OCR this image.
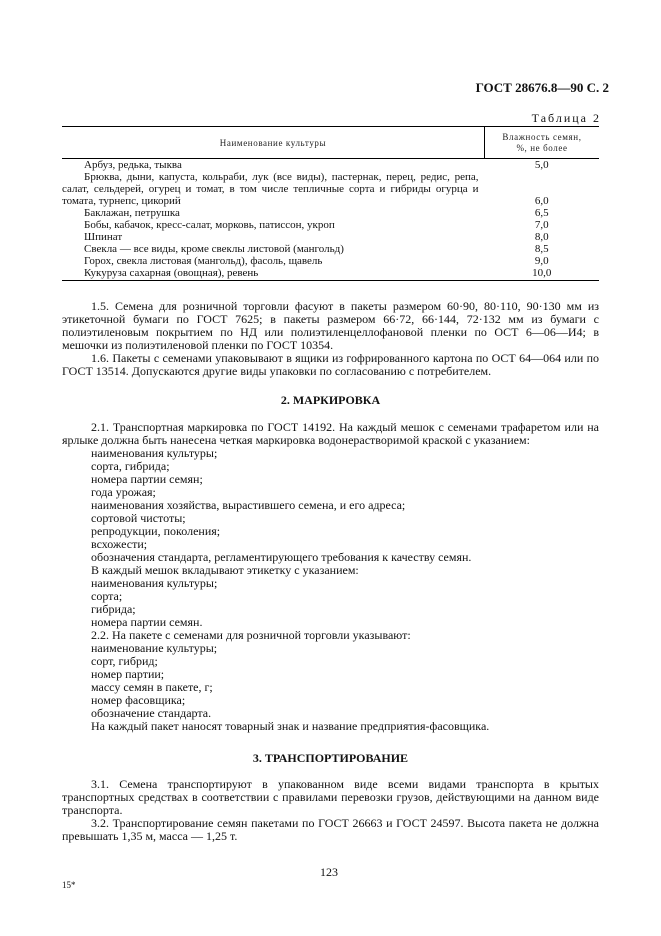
ГОСТ 28676.8—90 С. 2
Таблица 2
Наименование культуры	Влажность семян,
%, не более
Арбуз, редька, тыква	5,0
Брюква, дыни, капуста, кольраби, лук (все виды), пастернак, перец, редис, репа, салат, сельдерей, огурец и томат, в том числе тепличные сорта и гибриды огурца и томата, турнепс, цикорий	6,0
Баклажан, петрушка	6,5
Бобы, кабачок, кресс-салат, морковь, патиссон, укроп	7,0
Шпинат	8,0
Свекла — все виды, кроме свеклы листовой (мангольд)	8,5
Горох, свекла листовая (мангольд), фасоль, щавель	9,0
Кукуруза сахарная (овощная), ревень	10,0

1.5. Семена для розничной торговли фасуют в пакеты размером 60·90, 80·110, 90·130 мм из этикеточной бумаги по ГОСТ 7625; в пакеты размером 66·72, 66·144, 72·132 мм из бумаги с полиэтиленовым покрытием по НД или полиэтиленцеллофановой пленки по ОСТ 6—06—И4; в мешочки из полиэтиленовой пленки по ГОСТ 10354.

1.6. Пакеты с семенами упаковывают в ящики из гофрированного картона по ОСТ 64—064 или по ГОСТ 13514. Допускаются другие виды упаковки по согласованию с потребителем.

2. МАРКИРОВКА

2.1. Транспортная маркировка по ГОСТ 14192. На каждый мешок с семенами трафаретом или на ярлыке должна быть нанесена четкая маркировка водонерастворимой краской с указанием:

наименования культуры;

сорта, гибрида;

номера партии семян;

года урожая;

наименования хозяйства, вырастившего семена, и его адреса;

сортовой чистоты;

репродукции, поколения;

всхожести;

обозначения стандарта, регламентирующего требования к качеству семян.

В каждый мешок вкладывают этикетку с указанием:

наименования культуры;

сорта;

гибрида;

номера партии семян.

2.2. На пакете с семенами для розничной торговли указывают:

наименование культуры;

сорт, гибрид;

номер партии;

массу семян в пакете, г;

номер фасовщика;

обозначение стандарта.

На каждый пакет наносят товарный знак и название предприятия-фасовщика.

3. ТРАНСПОРТИРОВАНИЕ

3.1. Семена транспортируют в упакованном виде всеми видами транспорта в крытых транспортных средствах в соответствии с правилами перевозки грузов, действующими на данном виде транспорта.

3.2. Транспортирование семян пакетами по ГОСТ 26663 и ГОСТ 24597. Высота пакета не должна превышать 1,35 м, масса — 1,25 т.

123
15*
